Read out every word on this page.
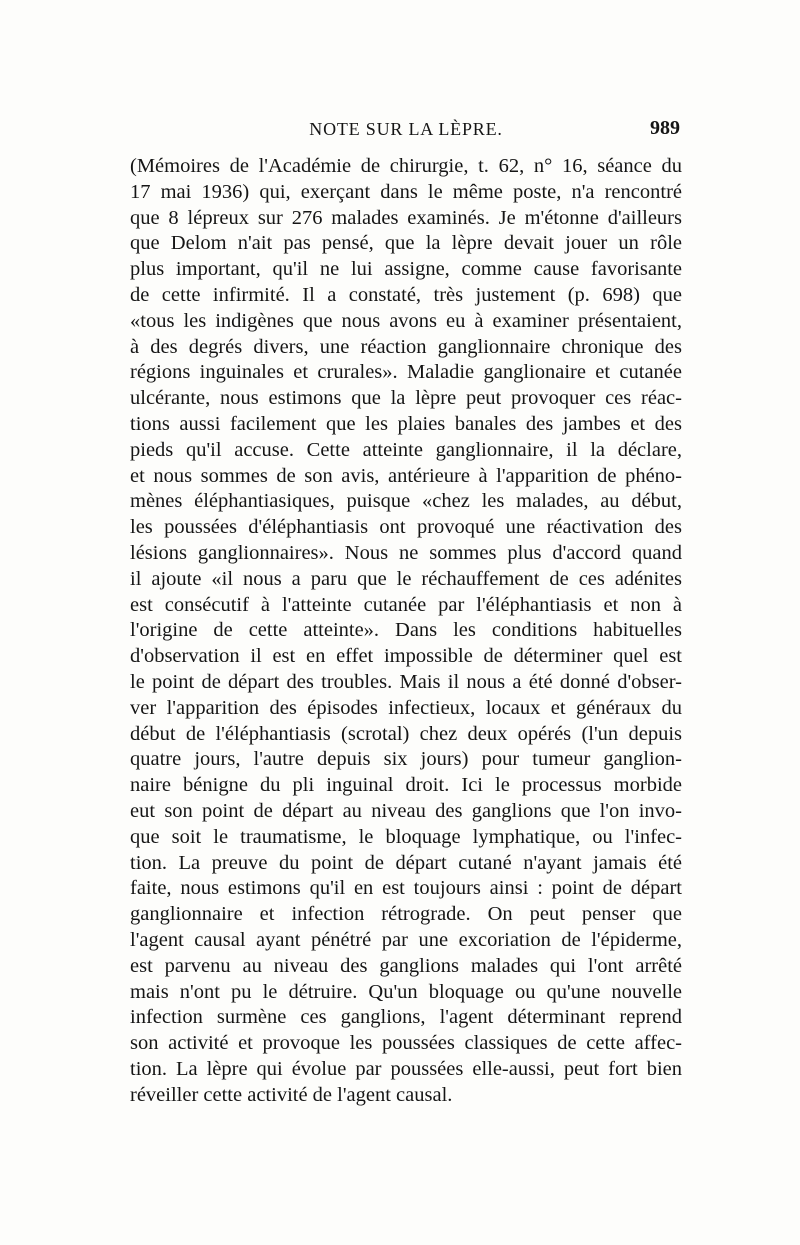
NOTE SUR LA LÈPRE.	989
(Mémoires de l'Académie de chirurgie, t. 62, n° 16, séance du
17 mai 1936) qui, exerçant dans le même poste, n'a rencontré
que 8 lépreux sur 276 malades examinés. Je m'étonne d'ailleurs
que Delom n'ait pas pensé, que la lèpre devait jouer un rôle
plus important, qu'il ne lui assigne, comme cause favorisante
de cette infirmité. Il a constaté, très justement (p. 698) que
«tous les indigènes que nous avons eu à examiner présentaient,
à des degrés divers, une réaction ganglionnaire chronique des
régions inguinales et crurales». Maladie ganglionaire et cutanée
ulcérante, nous estimons que la lèpre peut provoquer ces réac-
tions aussi facilement que les plaies banales des jambes et des
pieds qu'il accuse. Cette atteinte ganglionnaire, il la déclare,
et nous sommes de son avis, antérieure à l'apparition de phéno-
mènes éléphantiasiques, puisque «chez les malades, au début,
les poussées d'éléphantiasis ont provoqué une réactivation des
lésions ganglionnaires». Nous ne sommes plus d'accord quand
il ajoute «il nous a paru que le réchauffement de ces adénites
est consécutif à l'atteinte cutanée par l'éléphantiasis et non à
l'origine de cette atteinte». Dans les conditions habituelles
d'observation il est en effet impossible de déterminer quel est
le point de départ des troubles. Mais il nous a été donné d'obser-
ver l'apparition des épisodes infectieux, locaux et généraux du
début de l'éléphantiasis (scrotal) chez deux opérés (l'un depuis
quatre jours, l'autre depuis six jours) pour tumeur ganglion-
naire bénigne du pli inguinal droit. Ici le processus morbide
eut son point de départ au niveau des ganglions que l'on invo-
que soit le traumatisme, le bloquage lymphatique, ou l'infec-
tion. La preuve du point de départ cutané n'ayant jamais été
faite, nous estimons qu'il en est toujours ainsi : point de départ
ganglionnaire et infection rétrograde. On peut penser que
l'agent causal ayant pénétré par une excoriation de l'épiderme,
est parvenu au niveau des ganglions malades qui l'ont arrêté
mais n'ont pu le détruire. Qu'un bloquage ou qu'une nouvelle
infection surmène ces ganglions, l'agent déterminant reprend
son activité et provoque les poussées classiques de cette affec-
tion. La lèpre qui évolue par poussées elle-aussi, peut fort bien
réveiller cette activité de l'agent causal.
